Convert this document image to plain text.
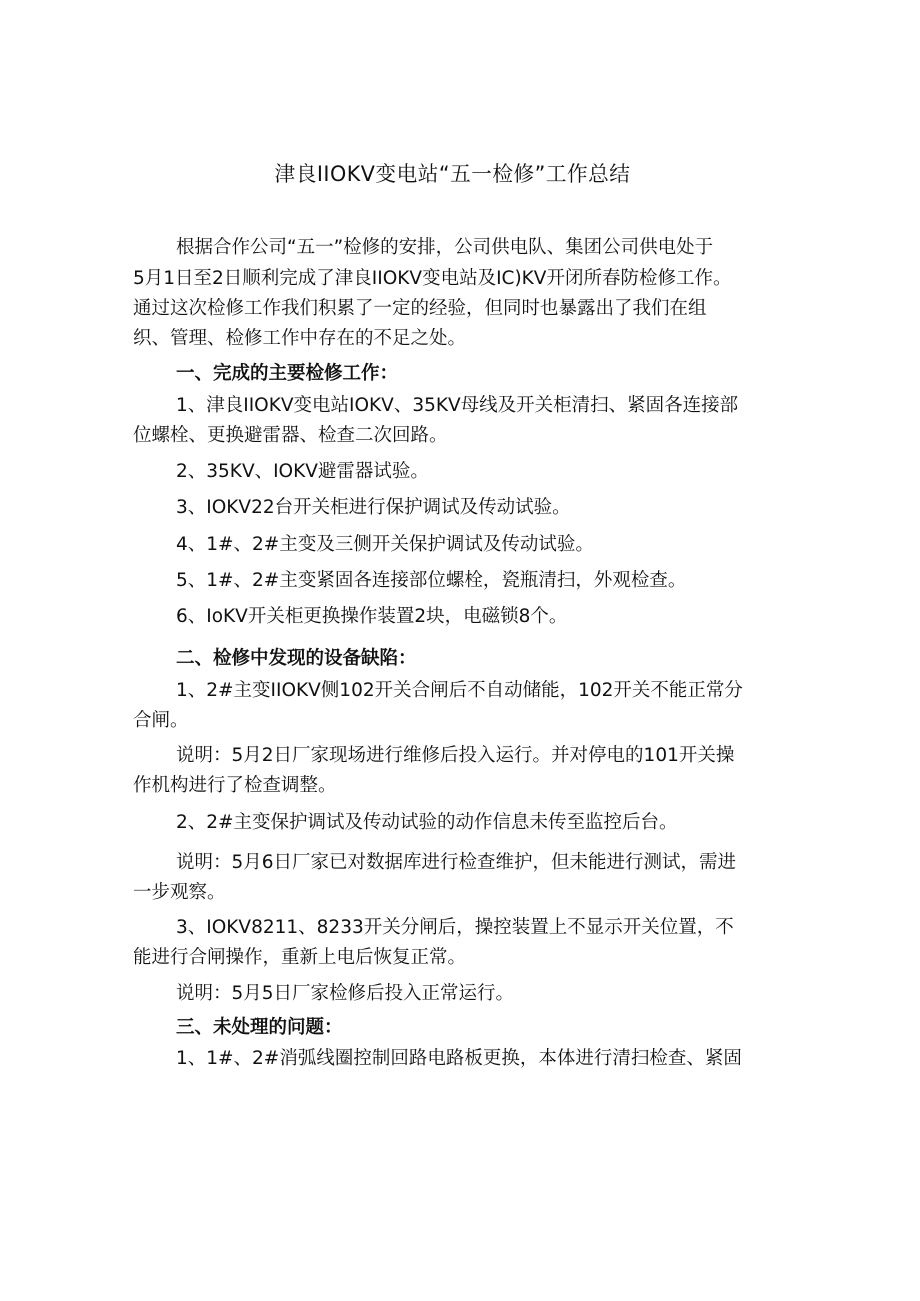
津良IIOKV变电站“五一检修”工作总结
根据合作公司“五一”检修的安排，公司供电队、集团公司供电处于
5月1日至2日顺利完成了津良IIOKV变电站及IC)KV开闭所春防检修工作。
通过这次检修工作我们积累了一定的经验，但同时也暴露出了我们在组
织、管理、检修工作中存在的不足之处。
一、完成的主要检修工作：
1、津良IIOKV变电站IOKV、35KV母线及开关柜清扫、紧固各连接部
位螺栓、更换避雷器、检查二次回路。
2、35KV、IOKV避雷器试验。
3、IOKV22台开关柜进行保护调试及传动试验。
4、1#、2#主变及三侧开关保护调试及传动试验。
5、1#、2#主变紧固各连接部位螺栓，瓷瓶清扫，外观检查。
6、IoKV开关柜更换操作装置2块，电磁锁8个。
二、检修中发现的设备缺陷：
1、2#主变IIOKV侧102开关合闸后不自动储能，102开关不能正常分
合闸。
说明：5月2日厂家现场进行维修后投入运行。并对停电的101开关操
作机构进行了检查调整。
2、2#主变保护调试及传动试验的动作信息未传至监控后台。
说明：5月6日厂家已对数据库进行检查维护，但未能进行测试，需进
一步观察。
3、IOKV8211、8233开关分闸后，操控装置上不显示开关位置，不
能进行合闸操作，重新上电后恢复正常。
说明：5月5日厂家检修后投入正常运行。
三、未处理的问题：
1、1#、2#消弧线圈控制回路电路板更换，本体进行清扫检查、紧固
